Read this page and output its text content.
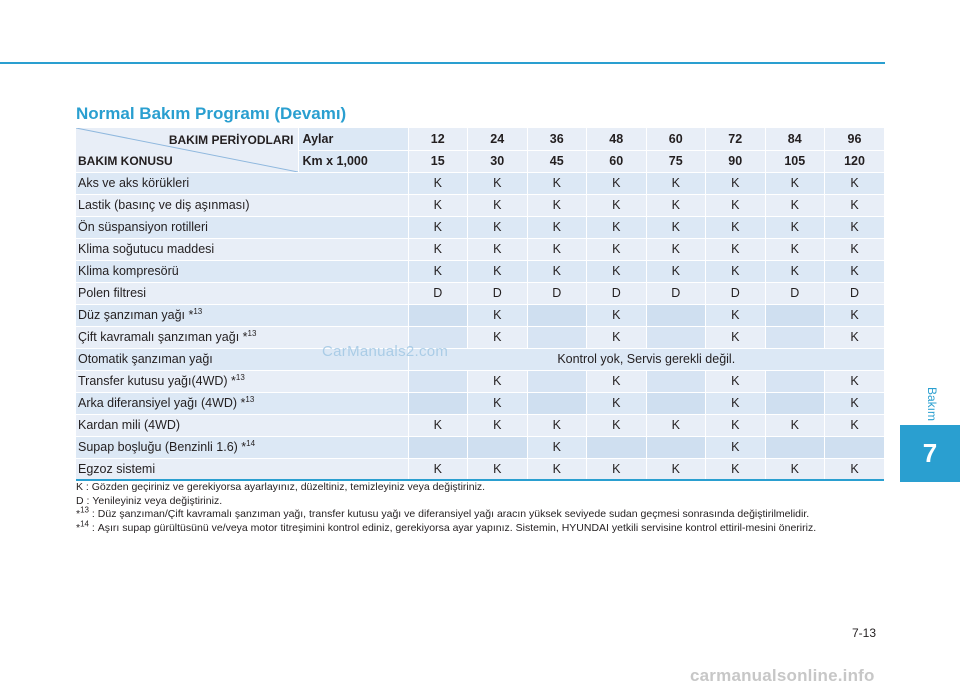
Normal Bakım Programı (Devamı)
BAKIM PERİYODLARI
BAKIM KONUSU	Aylar	12	24	36	48	60	72	84	96
	Km x 1,000	15	30	45	60	75	90	105	120
Aks ve aks körükleri		K	K	K	K	K	K	K	K
Lastik (basınç ve diş aşınması)		K	K	K	K	K	K	K	K
Ön süspansiyon rotilleri		K	K	K	K	K	K	K	K
Klima soğutucu maddesi		K	K	K	K	K	K	K	K
Klima kompresörü		K	K	K	K	K	K	K	K
Polen filtresi		D	D	D	D	D	D	D	D
Düz şanzıman yağı *$^{13}$			K		K		K		K
Çift kavramalı şanzıman yağı *$^{13}$			K		K		K		K
Otomatik şanzıman yağı		Kontrol yok, Servis gerekli değil.							
Transfer kutusu yağı(4WD) *$^{13}$			K		K		K		K
Arka diferansiyel yağı (4WD) *$^{13}$			K		K		K		K
Kardan mili (4WD)		K	K	K	K	K	K	K	K
Supap boşluğu (Benzinli 1.6) *$^{14}$				K			K		
Egzoz sistemi		K	K	K	K	K	K	K	K
CarManuals2.com
K : Gözden geçiriniz ve gerekiyorsa ayarlayınız, düzeltiniz, temizleyiniz veya değiştiriniz.
D : Yenileyiniz veya değiştiriniz.
*$^{13}$ : Düz şanzıman/Çift kavramalı şanzıman yağı, transfer kutusu yağı ve diferansiyel yağı aracın yüksek seviyede sudan geçmesi sonrasında değiştirilmelidir.
*$^{14}$ : Aşırı supap gürültüsünü ve/veya motor titreşimini kontrol ediniz, gerekiyorsa ayar yapınız. Sistemin, HYUNDAI yetkili servisine kontrol ettiril-mesini öneririz.
Bakım
7
7-13
carmanualsonline.info
